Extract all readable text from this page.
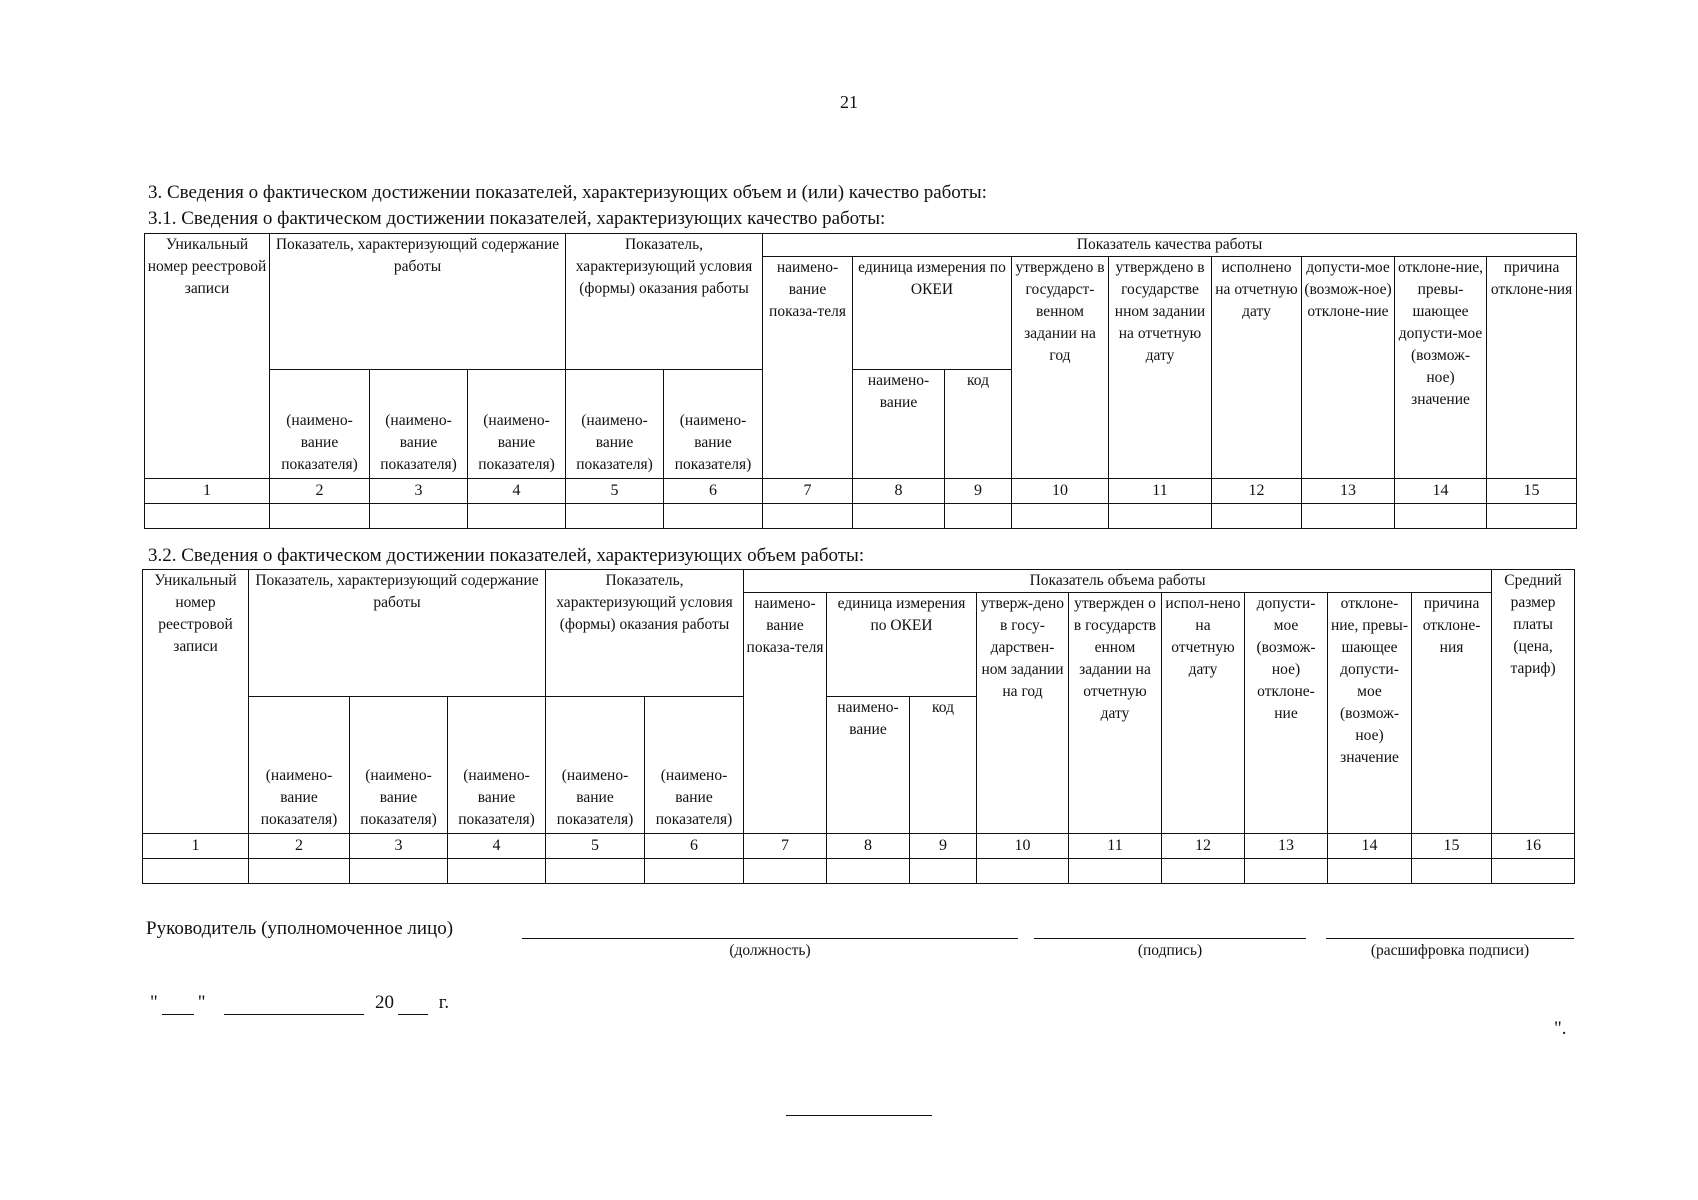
21
3. Сведения о фактическом достижении показателей, характеризующих объем и (или) качество работы:
3.1. Сведения о фактическом достижении показателей, характеризующих качество работы:
Уникальный номер реестровой записи	Показатель, характеризующий содержание работы			Показатель, характеризующий условия (формы) оказания работы		Показатель качества работы								
						наимено-вание показа-теля	единица измерения по ОКЕИ		утверждено в государст-венном задании на год	утверждено в государстве нном задании на отчетную дату	исполнено на отчетную дату	допусти-мое (возмож-ное) отклоне-ние	отклоне-ние, превы-шающее допусти-мое (возмож-ное) значение	причина отклоне-ния
	(наимено-вание показателя)	(наимено-вание показателя)	(наимено-вание показателя)	(наимено-вание показателя)	(наимено-вание показателя)		наимено-вание	код						

1	2	3	4	5	6	7	8	9	10	11	12	13	14	15

3.2. Сведения о фактическом достижении показателей, характеризующих объем работы:
Уникальный номер реестровой записи	Показатель, характеризующий содержание работы			Показатель, характеризующий условия (формы) оказания работы		Показатель объема работы									Средний размер платы (цена, тариф)
						наимено-вание показа-теля	единица измерения по ОКЕИ		утверж-дено в госу-дарствен-ном задании на год	утвержден о в государств енном задании на отчетную дату	испол-нено на отчетную дату	допусти-мое (возмож-ное) отклоне-ние	отклоне-ние, превы-шающее допусти-мое (возмож-ное) значение	причина отклоне-ния	
	(наимено-вание показателя)	(наимено-вание показателя)	(наимено-вание показателя)	(наимено-вание показателя)	(наимено-вание показателя)		наимено-вание	код							

1	2	3	4	5	6	7	8	9	10	11	12	13	14	15	16

Руководитель (уполномоченное лицо)
(должность)	(подпись)	(расшифровка подписи)
" "	20 г.
".
